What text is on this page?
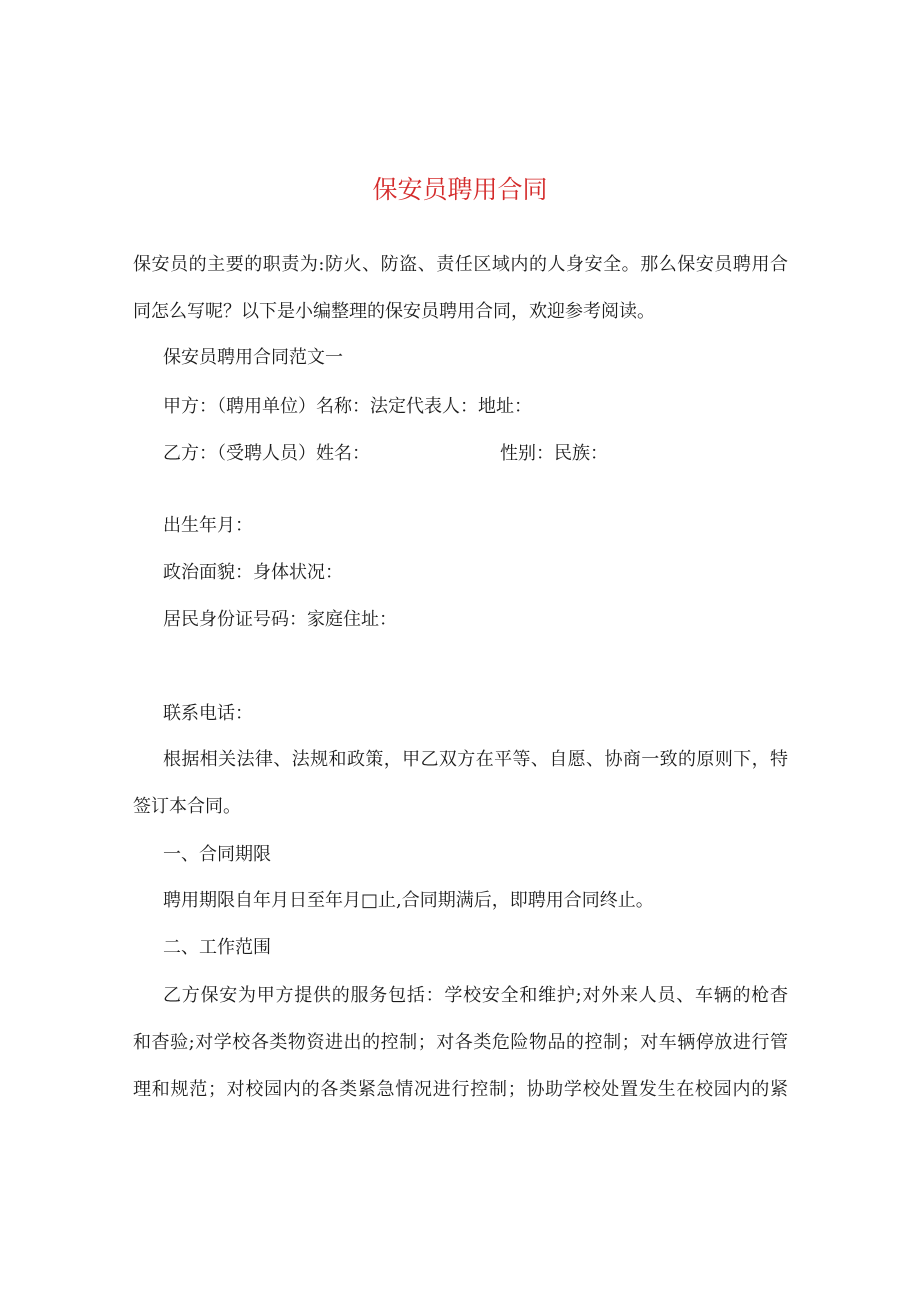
保安员聘用合同
保安员的主要的职责为:防火、防盗、责任区域内的人身安全。那么保安员聘用合
同怎么写呢？以下是小编整理的保安员聘用合同，欢迎参考阅读。
保安员聘用合同范文一
甲方：（聘用单位）名称：法定代表人：地址：
乙方：（受聘人员）姓名：	性别：民族：
出生年月：
政治面貌：身体状况：
居民身份证号码：家庭住址：
联系电话：
根据相关法律、法规和政策，甲乙双方在平等、自愿、协商一致的原则下，特
签订本合同。
一、合同期限
聘用期限自年月日至年月□止,合同期满后，即聘用合同终止。
二、工作范围
乙方保安为甲方提供的服务包括：学校安全和维护;对外来人员、车辆的枪杳
和杳验;对学校各类物资进出的控制；对各类危险物品的控制；对车辆停放进行管
理和规范；对校园内的各类紧急情况进行控制；协助学校处置发生在校园内的紧
